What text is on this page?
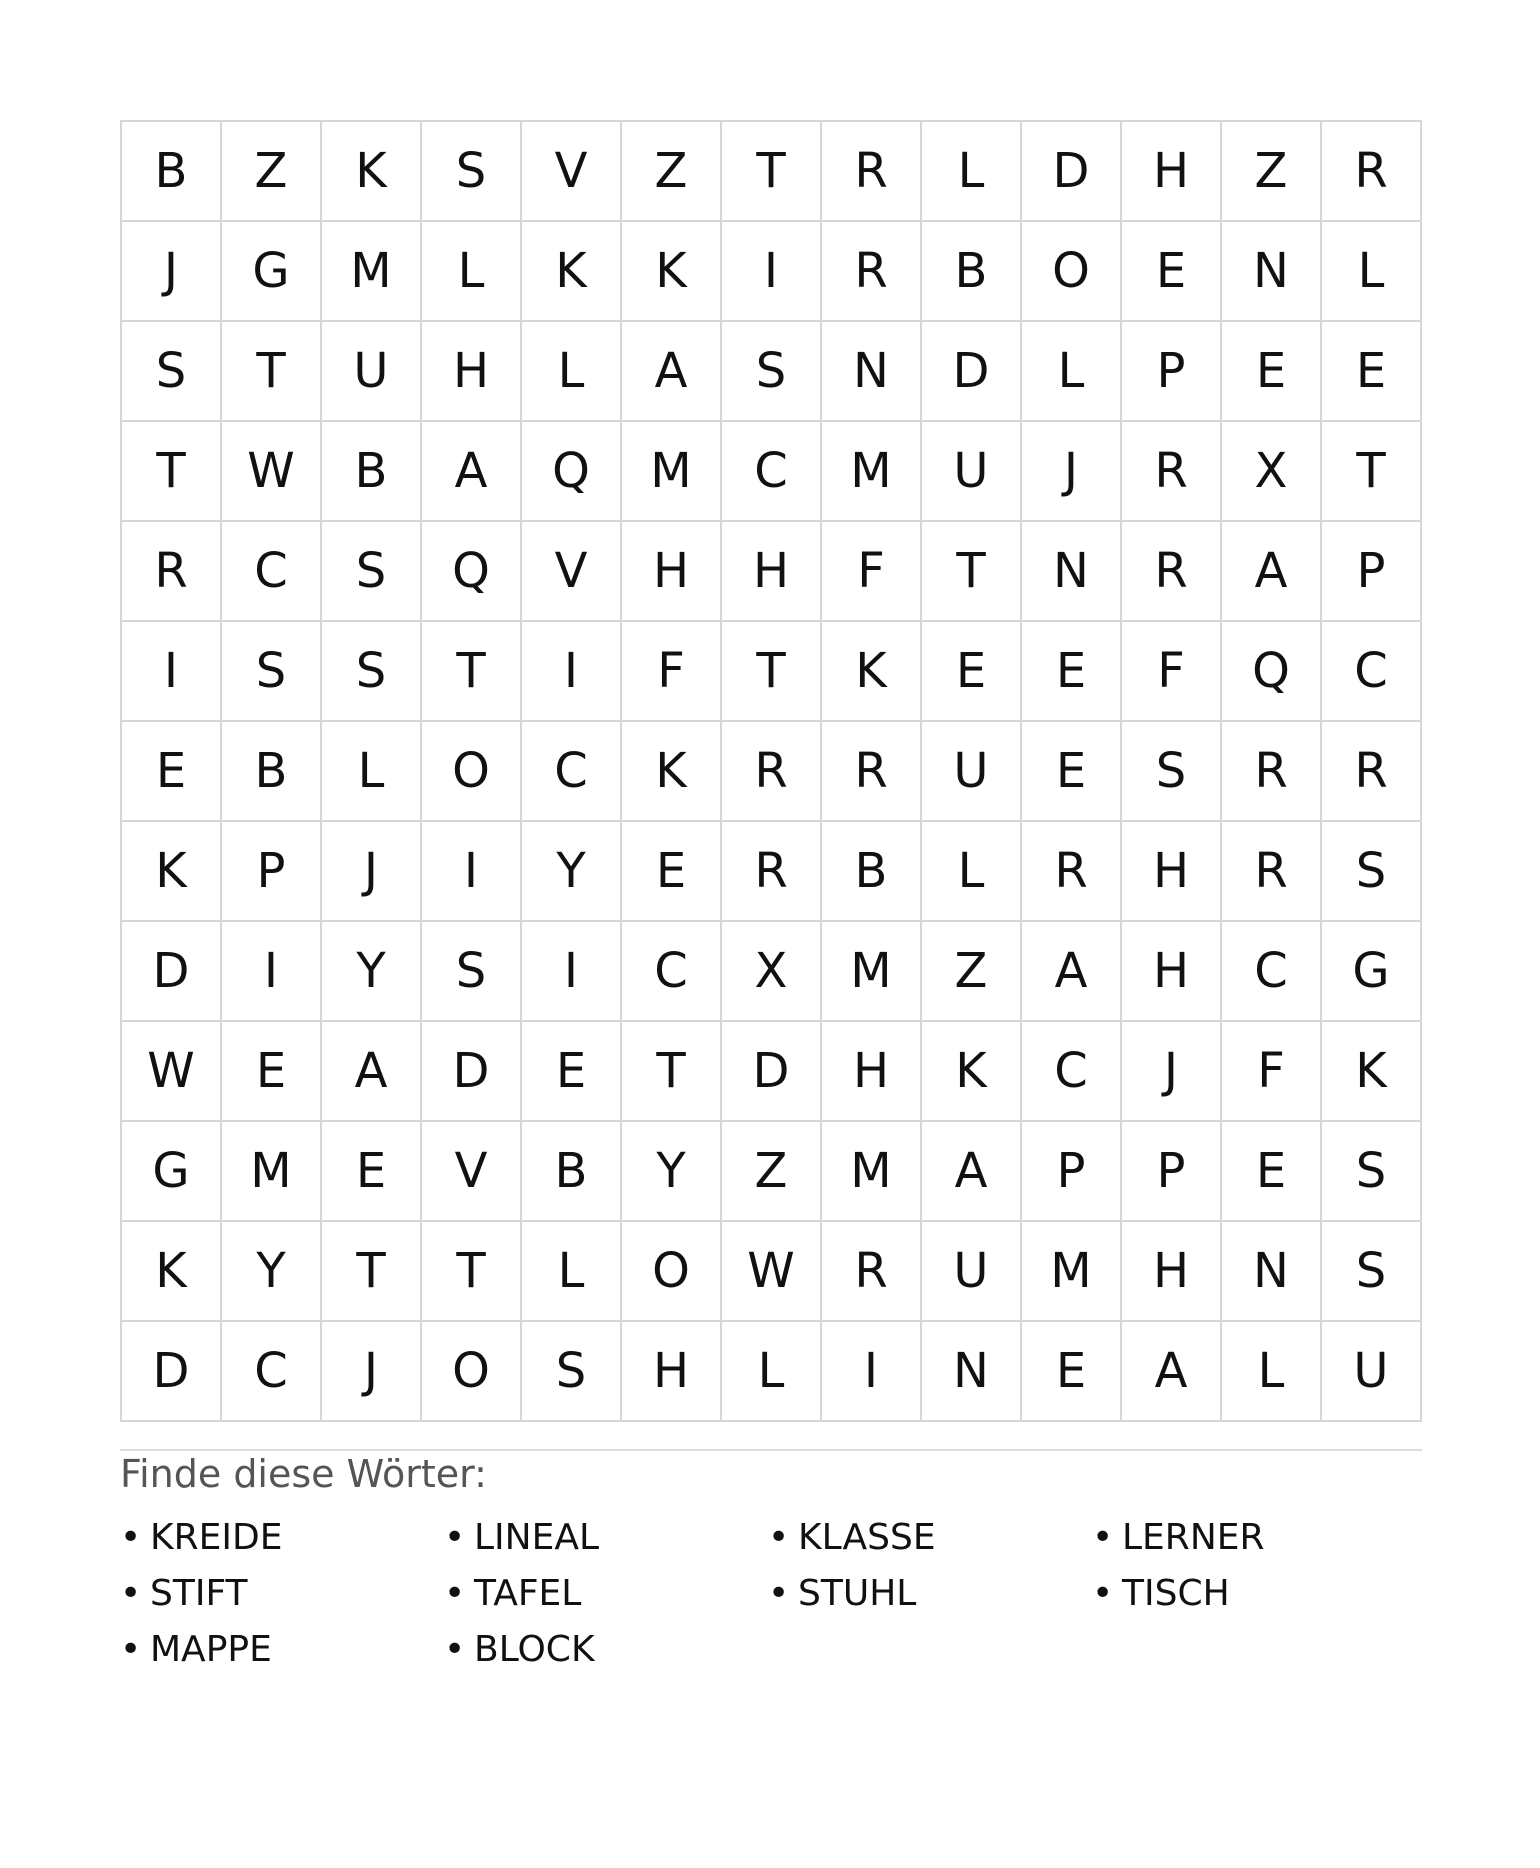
B	Z	K	S	V	Z	T	R	L	D	H	Z	R
J	G	M	L	K	K	I	R	B	O	E	N	L
S	T	U	H	L	A	S	N	D	L	P	E	E
T	W	B	A	Q	M	C	M	U	J	R	X	T
R	C	S	Q	V	H	H	F	T	N	R	A	P
I	S	S	T	I	F	T	K	E	E	F	Q	C
E	B	L	O	C	K	R	R	U	E	S	R	R
K	P	J	I	Y	E	R	B	L	R	H	R	S
D	I	Y	S	I	C	X	M	Z	A	H	C	G
W	E	A	D	E	T	D	H	K	C	J	F	K
G	M	E	V	B	Y	Z	M	A	P	P	E	S
K	Y	T	T	L	O	W	R	U	M	H	N	S
D	C	J	O	S	H	L	I	N	E	A	L	U
Finde diese Wörter:
• KREIDE	• LINEAL	• KLASSE	• LERNER
• STIFT	• TAFEL	• STUHL	• TISCH
• MAPPE	• BLOCK
